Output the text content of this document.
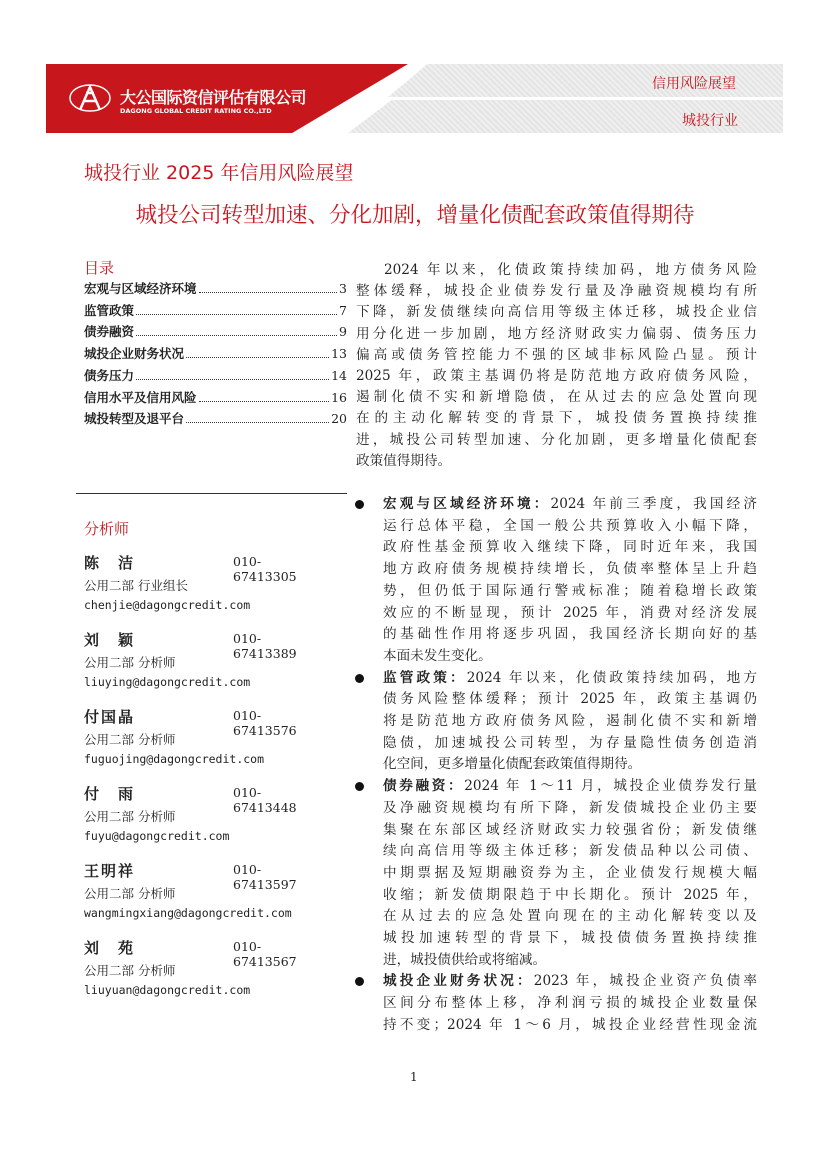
大公国际资信评估有限公司
DAGONG GLOBAL CREDIT RATING CO.,LTD
信用风险展望
城投行业
城投行业 2025 年信用风险展望
城投公司转型加速、分化加剧，增量化债配套政策值得期待
目录
宏观与区域经济环境	3
监管政策	7
债券融资	9
城投企业财务状况	13
债务压力	14
信用水平及信用风险	16
城投转型及退平台	20
分析师
陈　洁	010-67413305
公用二部 行业组长
chenjie@dagongcredit.com
刘　颖	010-67413389
公用二部 分析师
liuying@dagongcredit.com
付国晶	010-67413576
公用二部 分析师
fuguojing@dagongcredit.com
付　雨	010-67413448
公用二部 分析师
fuyu@dagongcredit.com
王明祥	010-67413597
公用二部 分析师
wangmingxiang@dagongcredit.com
刘　苑	010-67413567
公用二部 分析师
liuyuan@dagongcredit.com
2024 年以来，化债政策持续加码，地方债务风险
整体缓释，城投企业债券发行量及净融资规模均有所
下降，新发债继续向高信用等级主体迁移，城投企业信
用分化进一步加剧，地方经济财政实力偏弱、债务压力
偏高或债务管控能力不强的区域非标风险凸显。预计
2025 年，政策主基调仍将是防范地方政府债务风险，
遏制化债不实和新增隐债，在从过去的应急处置向现
在的主动化解转变的背景下，城投债务置换持续推
进，城投公司转型加速、分化加剧，更多增量化债配套
政策值得期待。
宏观与区域经济环境：2024 年前三季度，我国经济
运行总体平稳，全国一般公共预算收入小幅下降，
政府性基金预算收入继续下降，同时近年来，我国
地方政府债务规模持续增长，负债率整体呈上升趋
势，但仍低于国际通行警戒标准；随着稳增长政策
效应的不断显现，预计 2025 年，消费对经济发展
的基础性作用将逐步巩固，我国经济长期向好的基
本面未发生变化。
监管政策：2024 年以来，化债政策持续加码，地方
债务风险整体缓释；预计 2025 年，政策主基调仍
将是防范地方政府债务风险，遏制化债不实和新增
隐债，加速城投公司转型，为存量隐性债务创造消
化空间，更多增量化债配套政策值得期待。
债券融资：2024 年 1～11 月，城投企业债券发行量
及净融资规模均有所下降，新发债城投企业仍主要
集聚在东部区域经济财政实力较强省份；新发债继
续向高信用等级主体迁移；新发债品种以公司债、
中期票据及短期融资券为主，企业债发行规模大幅
收缩；新发债期限趋于中长期化。预计 2025 年，
在从过去的应急处置向现在的主动化解转变以及
城投加速转型的背景下，城投债债务置换持续推
进，城投债供给或将缩减。
城投企业财务状况：2023 年，城投企业资产负债率
区间分布整体上移，净利润亏损的城投企业数量保
持不变；2024 年 1～6 月，城投企业经营性现金流
1
